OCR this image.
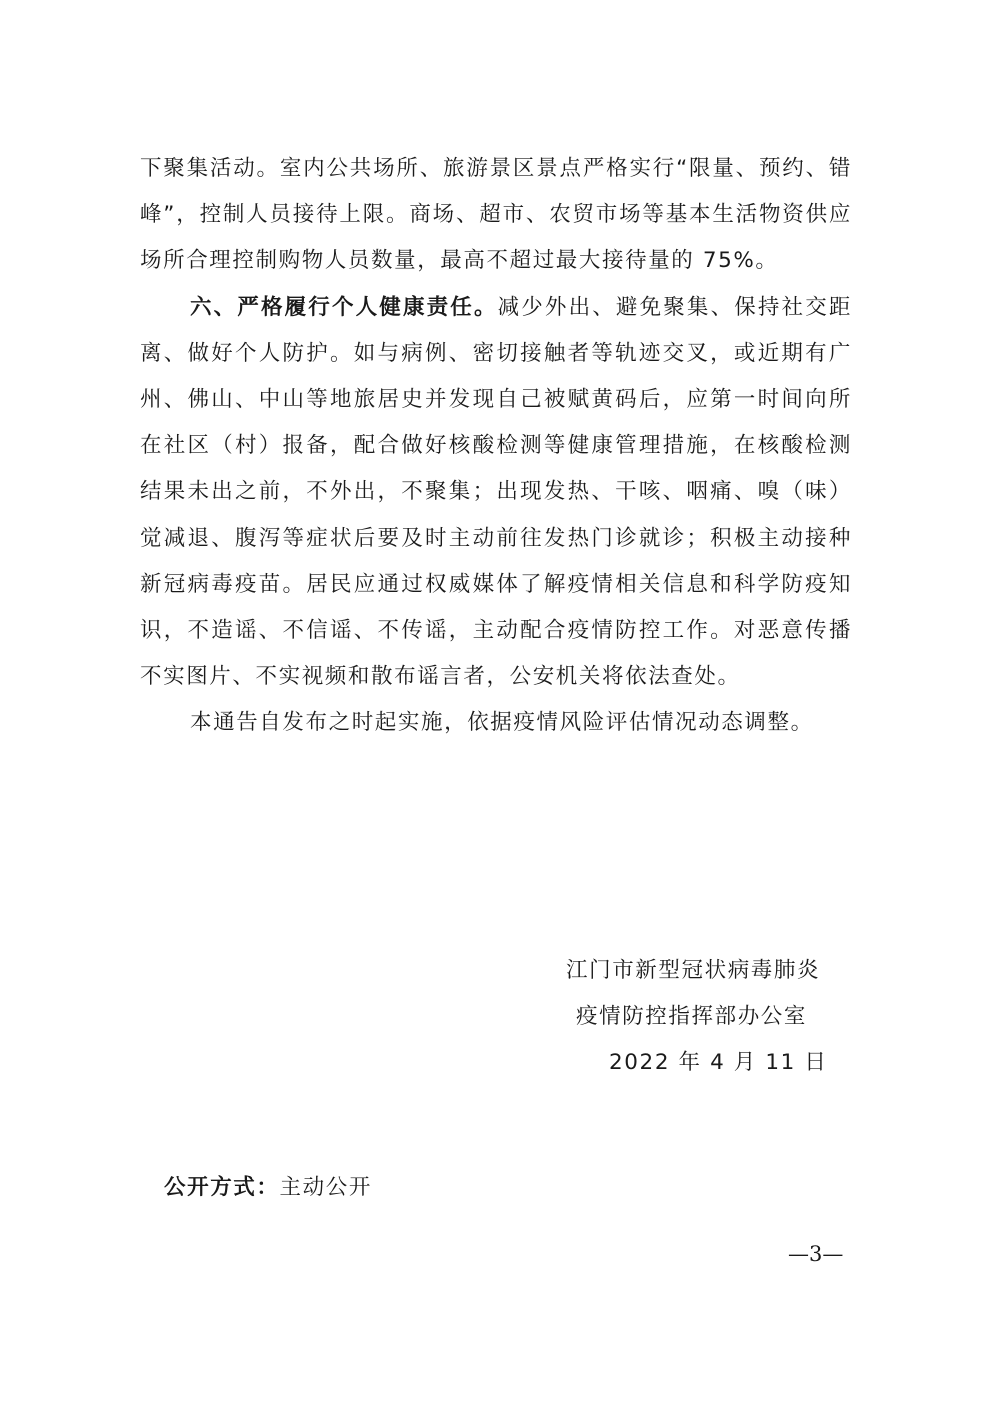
下聚集活动。室内公共场所、旅游景区景点严格实行“限量、预约、错峰”，控制人员接待上限。商场、超市、农贸市场等基本生活物资供应场所合理控制购物人员数量，最高不超过最大接待量的 75%。

六、严格履行个人健康责任。减少外出、避免聚集、保持社交距离、做好个人防护。如与病例、密切接触者等轨迹交叉，或近期有广州、佛山、中山等地旅居史并发现自己被赋黄码后，应第一时间向所在社区（村）报备，配合做好核酸检测等健康管理措施，在核酸检测结果未出之前，不外出，不聚集；出现发热、干咳、咽痛、嗅（味）觉减退、腹泻等症状后要及时主动前往发热门诊就诊；积极主动接种新冠病毒疫苗。居民应通过权威媒体了解疫情相关信息和科学防疫知识，不造谣、不信谣、不传谣，主动配合疫情防控工作。对恶意传播不实图片、不实视频和散布谣言者，公安机关将依法查处。

本通告自发布之时起实施，依据疫情风险评估情况动态调整。

江门市新型冠状病毒肺炎
疫情防控指挥部办公室
2022 年 4 月 11 日
公开方式：主动公开
—3—
